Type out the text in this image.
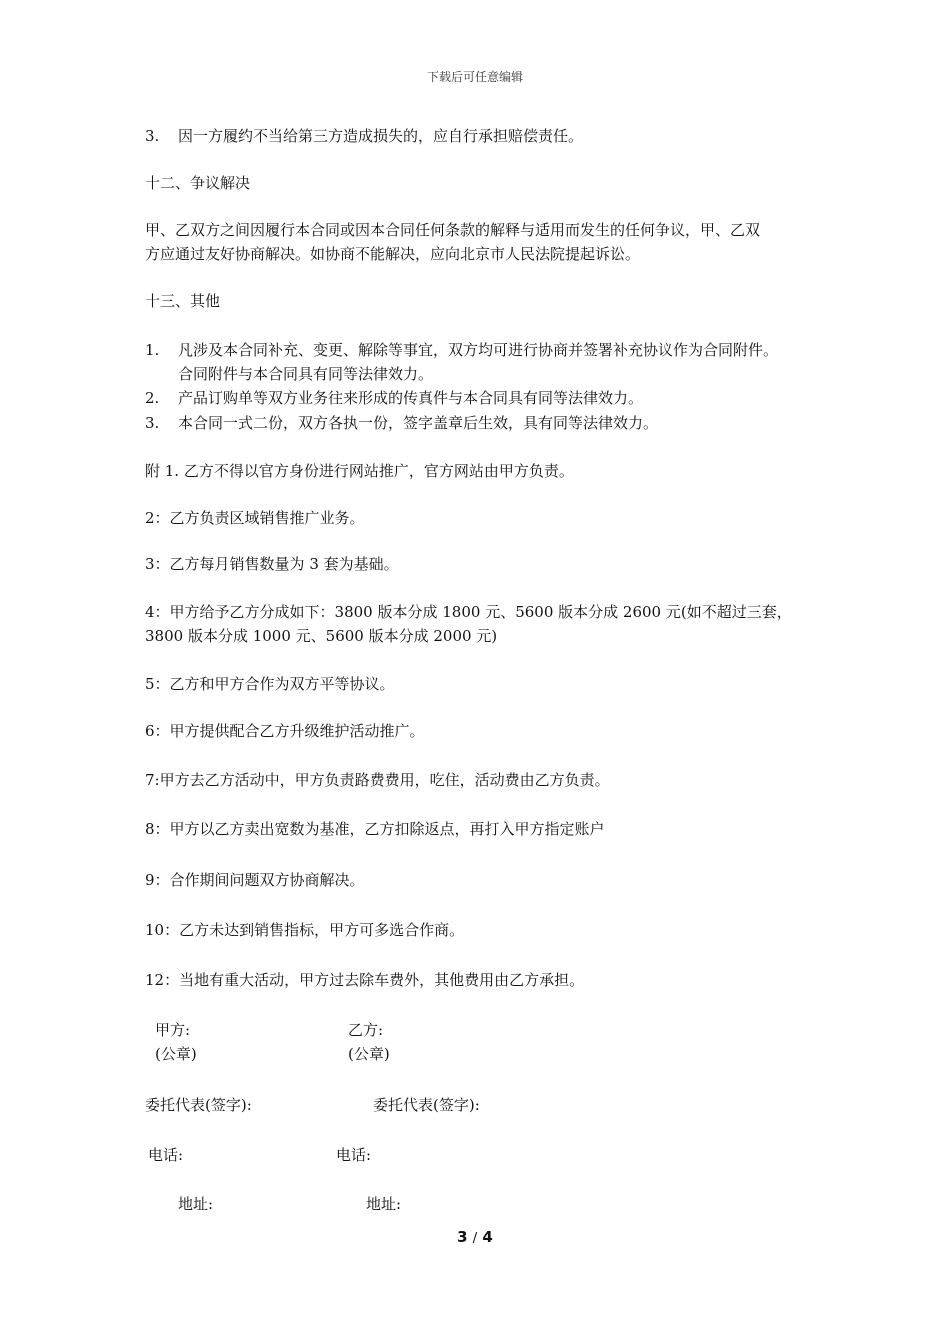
下载后可任意编辑
3.	因一方履约不当给第三方造成损失的，应自行承担赔偿责任。
十二、争议解决
甲、乙双方之间因履行本合同或因本合同任何条款的解释与适用而发生的任何争议，甲、乙双
方应通过友好协商解决。如协商不能解决，应向北京市人民法院提起诉讼。
十三、其他
1.	凡涉及本合同补充、变更、解除等事宜，双方均可进行协商并签署补充协议作为合同附件。
合同附件与本合同具有同等法律效力。
2.	产品订购单等双方业务往来形成的传真件与本合同具有同等法律效力。
3.	本合同一式二份，双方各执一份，签字盖章后生效，具有同等法律效力。
附 1. 乙方不得以官方身份进行网站推广，官方网站由甲方负责。
2：乙方负责区域销售推广业务。
3：乙方每月销售数量为 3 套为基础。
4：甲方给予乙方分成如下：3800 版本分成 1800 元、5600 版本分成 2600 元(如不超过三套，
3800 版本分成 1000 元、5600 版本分成 2000 元)
5：乙方和甲方合作为双方平等协议。
6：甲方提供配合乙方升级维护活动推广。
7:甲方去乙方活动中，甲方负责路费费用，吃住，活动费由乙方负责。
8：甲方以乙方卖出宽数为基准，乙方扣除返点，再打入甲方指定账户
9：合作期间问题双方协商解决。
10：乙方未达到销售指标，甲方可多选合作商。
12：当地有重大活动，甲方过去除车费外，其他费用由乙方承担。
甲方:	乙方:
(公章)	(公章)
委托代表(签字):	委托代表(签字):
电话:	电话:
地址:	地址:
3 / 4
